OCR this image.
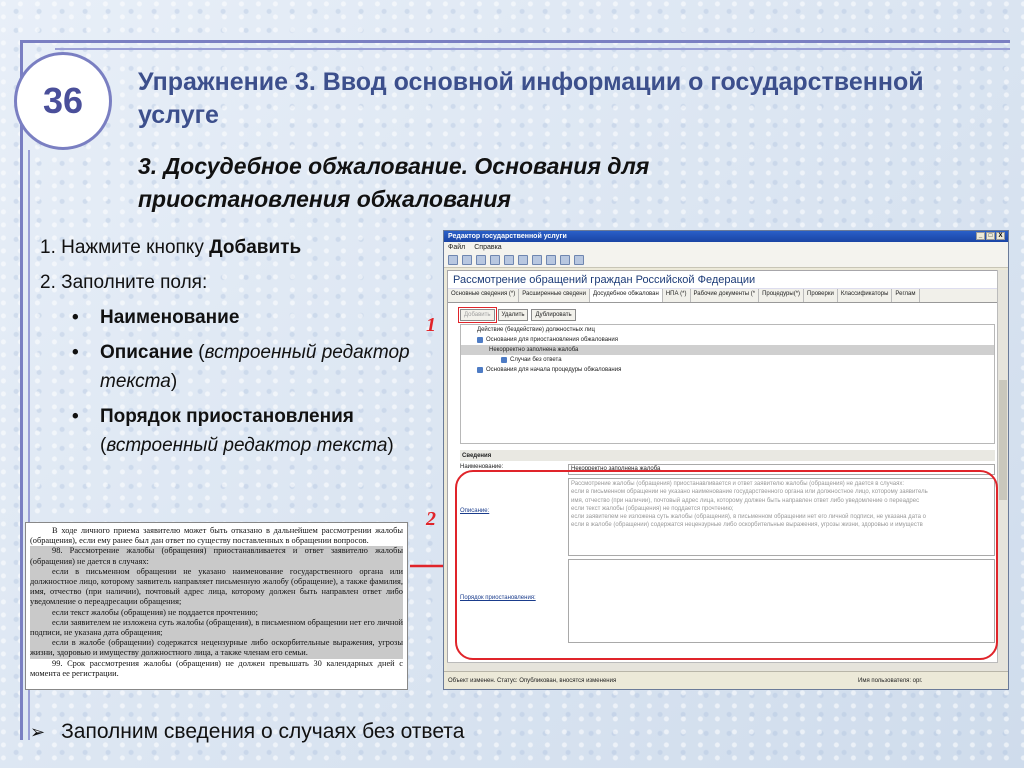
36	Упражнение 3. Ввод основной информации о государственной услуге
3. Досудебное обжалование. Основания для приостановления обжалования
1. Нажмите кнопку Добавить
2. Заполните поля:
• Наименование
• Описание (встроенный редактор текста)
• Порядок приостановления (встроенный редактор текста)

В ходе личного приема заявителю может быть отказано в дальнейшем рассмотрении жалобы (обращения), если ему ранее был дан ответ по существу поставленных в обращении вопросов.

98. Рассмотрение жалобы (обращения) приостанавливается и ответ заявителю жалобы (обращения) не дается в случаях:

если в письменном обращении не указано наименование государственного органа или должностное лицо, которому заявитель направляет письменную жалобу (обращение), а также фамилия, имя, отчество (при наличии), почтовый адрес лица, которому должен быть направлен ответ либо уведомление о переадресации обращения;

если текст жалобы (обращения) не поддается прочтению;

если заявителем не изложена суть жалобы (обращения), в письменном обращении нет его личной подписи, не указана дата обращения;

если в жалобе (обращении) содержатся нецензурные либо оскорбительные выражения, угрозы жизни, здоровью и имуществу должностного лица, а также членам его семьи.

99. Срок рассмотрения жалобы (обращения) не должен превышать 30 календарных дней с момента ее регистрации.

1
2
Редактор государственной услуги	_	□	X
Файл Справка
Рассмотрение обращений граждан Российской Федерации
Основные сведения (*)	Расширенные сведени	Досудебное обжалован	НПА (*)	Рабочие документы (*	Процедуры(*)	Проверки	Классификаторы	Реглам
Добавить	Удалить	Дублировать
Действие (бездействие) должностных лиц
Основания для приостановления обжалования
Некорректно заполнена жалоба
Случаи без ответа
Основания для начала процедуры обжалования
Сведения
Наименование:	Некорректно заполнена жалоба
Описание:
Рассмотрение жалобы (обращения) приостанавливается и ответ заявителю жалобы (обращения) не дается в случаях:
если в письменном обращении не указано наименование государственного органа или должностное лицо, которому заявитель
имя, отчество (при наличии), почтовый адрес лица, которому должен быть направлен ответ либо уведомление о переадрес
если текст жалобы (обращения) не поддается прочтению;
если заявителем не изложена суть жалобы (обращения), в письменном обращении нет его личной подписи, не указана дата о
если в жалобе (обращении) содержатся нецензурные либо оскорбительные выражения, угрозы жизни, здоровью и имуществ
Порядок приостановления:
Объект изменен. Статус: Опубликован, вносятся изменения	Имя пользователя: орг.
➢ Заполним сведения о случаях без ответа
